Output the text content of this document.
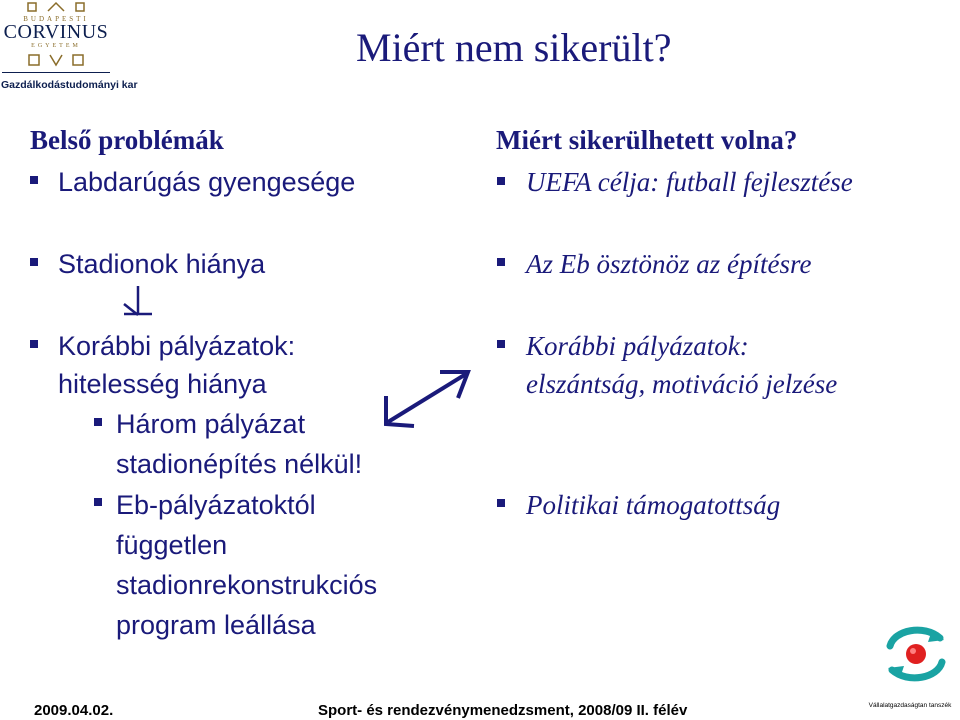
BUDAPESTI
CORVINUS
EGYETEM
Gazdálkodástudományi kar
Miért nem sikerült?
Belső problémák
Labdarúgás gyengesége
Stadionok hiánya
Korábbi pályázatok:
hitelesség hiánya
Három pályázat
stadionépítés nélkül!
Eb-pályázatoktól
független
stadionrekonstrukciós
program leállása
Miért sikerülhetett volna?
UEFA célja: futball fejlesztése
Az Eb ösztönöz az építésre
Korábbi pályázatok:
elszántság, motiváció jelzése
Politikai támogatottság
2009.04.02.	Sport- és rendezvénymenedzsment, 2008/09 II. félév	Vállalatgazdaságtan tanszék
